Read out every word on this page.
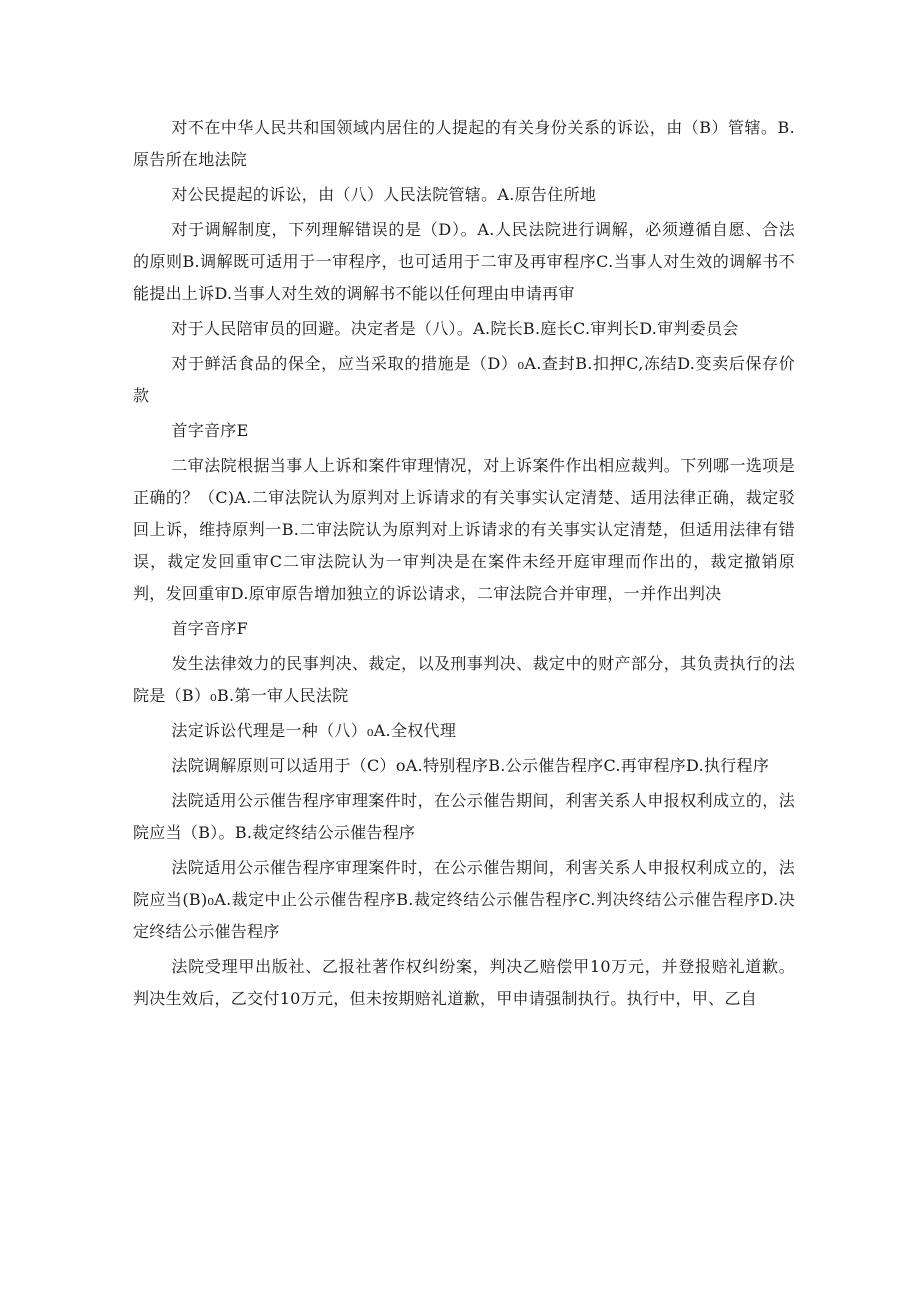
对不在中华人民共和国领域内居住的人提起的有关身份关系的诉讼，由（B）管辖。B.原告所在地法院

对公民提起的诉讼，由（八）人民法院管辖。A.原告住所地

对于调解制度，下列理解错误的是（D）。A.人民法院进行调解，必须遵循自愿、合法的原则B.调解既可适用于一审程序，也可适用于二审及再审程序C.当事人对生效的调解书不能提出上诉D.当事人对生效的调解书不能以任何理由申请再审

对于人民陪审员的回避。决定者是（八）。A.院长B.庭长C.审判长D.审判委员会

对于鲜活食品的保全，应当采取的措施是（D）₀A.查封B.扣押C,冻结D.变卖后保存价款

首字音序E

二审法院根据当事人上诉和案件审理情况，对上诉案件作出相应裁判。下列哪一选项是正确的？（C)A.二审法院认为原判对上诉请求的有关事实认定清楚、适用法律正确，裁定驳回上诉，维持原判一B.二审法院认为原判对上诉请求的有关事实认定清楚，但适用法律有错误，裁定发回重审C二审法院认为一审判决是在案件未经开庭审理而作出的，裁定撤销原判，发回重审D.原审原告增加独立的诉讼请求，二审法院合并审理，一并作出判决

首字音序F

发生法律效力的民事判决、裁定，以及刑事判决、裁定中的财产部分，其负责执行的法院是（B）₀B.第一审人民法院

法定诉讼代理是一种（八）₀A.全权代理

法院调解原则可以适用于（C）oA.特别程序B.公示催告程序C.再审程序D.执行程序

法院适用公示催告程序审理案件时，在公示催告期间，利害关系人申报权利成立的，法院应当（B）。B.裁定终结公示催告程序

法院适用公示催告程序审理案件时，在公示催告期间，利害关系人申报权利成立的，法院应当(B)₀A.裁定中止公示催告程序B.裁定终结公示催告程序C.判决终结公示催告程序D.决定终结公示催告程序

法院受理甲出版社、乙报社著作权纠纷案，判决乙赔偿甲10万元，并登报赔礼道歉。判决生效后，乙交付10万元，但未按期赔礼道歉，甲申请强制执行。执行中，甲、乙自
